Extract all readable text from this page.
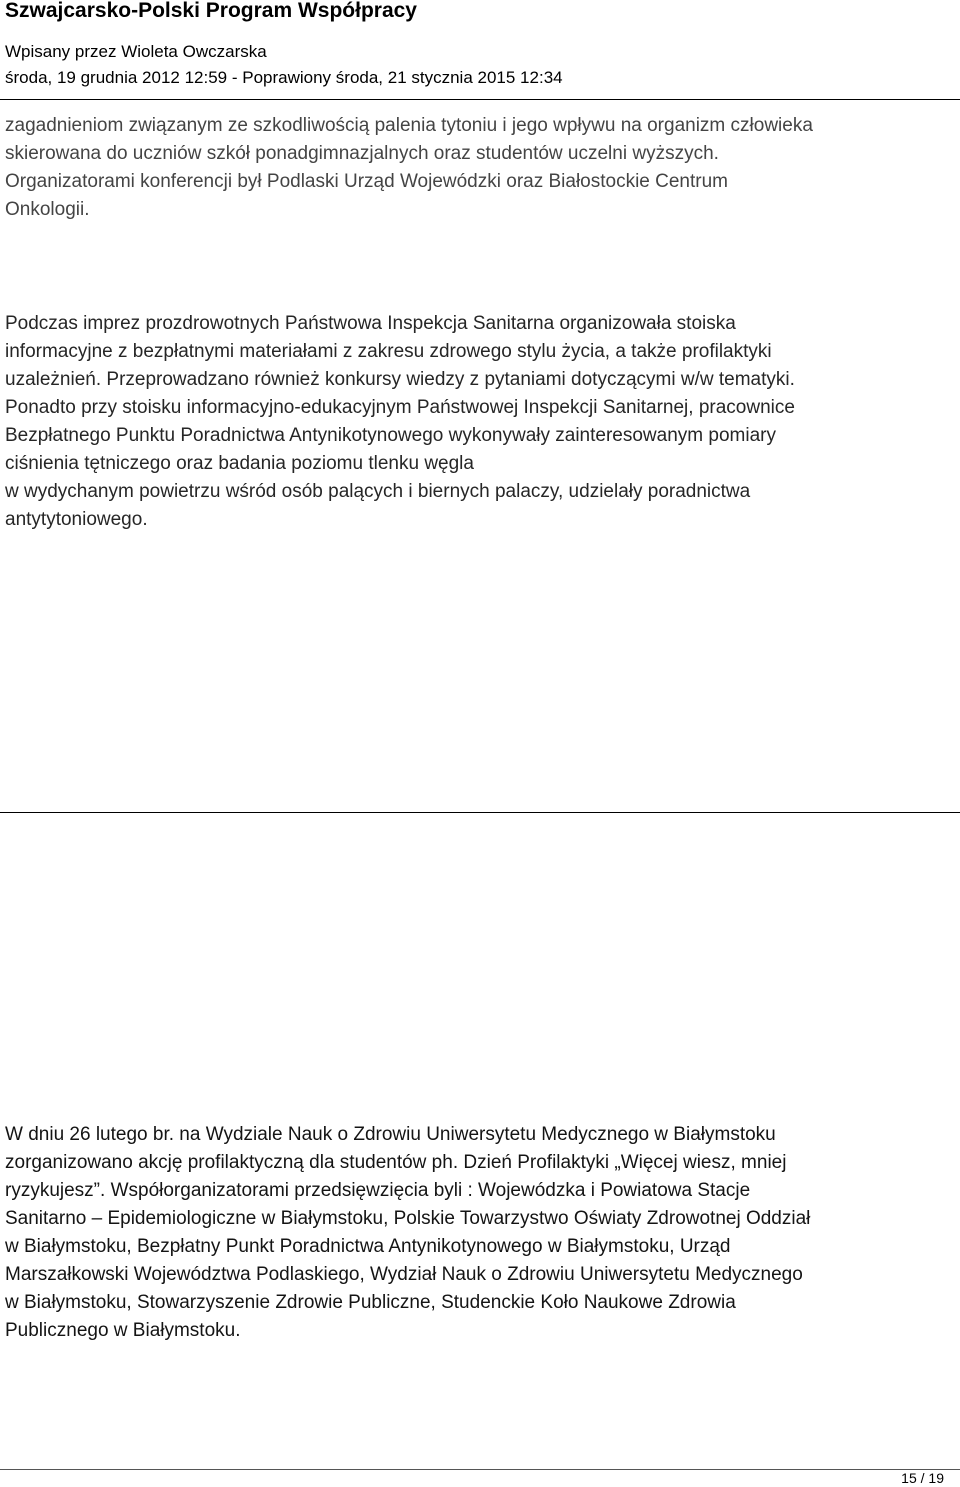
Szwajcarsko-Polski Program Współpracy
Wpisany przez Wioleta Owczarska
środa, 19 grudnia 2012 12:59 - Poprawiony środa, 21 stycznia 2015 12:34
zagadnieniom związanym ze szkodliwością palenia tytoniu i jego wpływu na organizm człowieka
skierowana do uczniów szkół ponadgimnazjalnych oraz studentów uczelni wyższych.
Organizatorami konferencji był Podlaski Urząd Wojewódzki oraz Białostockie Centrum
Onkologii.
Podczas imprez prozdrowotnych Państwowa Inspekcja Sanitarna organizowała stoiska
informacyjne z bezpłatnymi materiałami z zakresu zdrowego stylu życia, a także profilaktyki
uzależnień. Przeprowadzano również konkursy wiedzy z pytaniami dotyczącymi w/w tematyki.
Ponadto przy stoisku informacyjno-edukacyjnym Państwowej Inspekcji Sanitarnej, pracownice
Bezpłatnego Punktu Poradnictwa Antynikotynowego wykonywały zainteresowanym pomiary
ciśnienia tętniczego oraz badania poziomu tlenku węgla
w wydychanym powietrzu wśród osób palących i biernych palaczy, udzielały poradnictwa
antytytoniowego.
W dniu 26 lutego br. na Wydziale Nauk o Zdrowiu Uniwersytetu Medycznego w Białymstoku
zorganizowano akcję profilaktyczną dla studentów ph. Dzień Profilaktyki „Więcej wiesz, mniej
ryzykujesz”. Współorganizatorami przedsięwzięcia byli : Wojewódzka i Powiatowa Stacje
Sanitarno – Epidemiologiczne w Białymstoku, Polskie Towarzystwo Oświaty Zdrowotnej Oddział
w Białymstoku, Bezpłatny Punkt Poradnictwa Antynikotynowego w Białymstoku, Urząd
Marszałkowski Województwa Podlaskiego, Wydział Nauk o Zdrowiu Uniwersytetu Medycznego
w Białymstoku, Stowarzyszenie Zdrowie Publiczne, Studenckie Koło Naukowe Zdrowia
Publicznego w Białymstoku.
15 / 19
